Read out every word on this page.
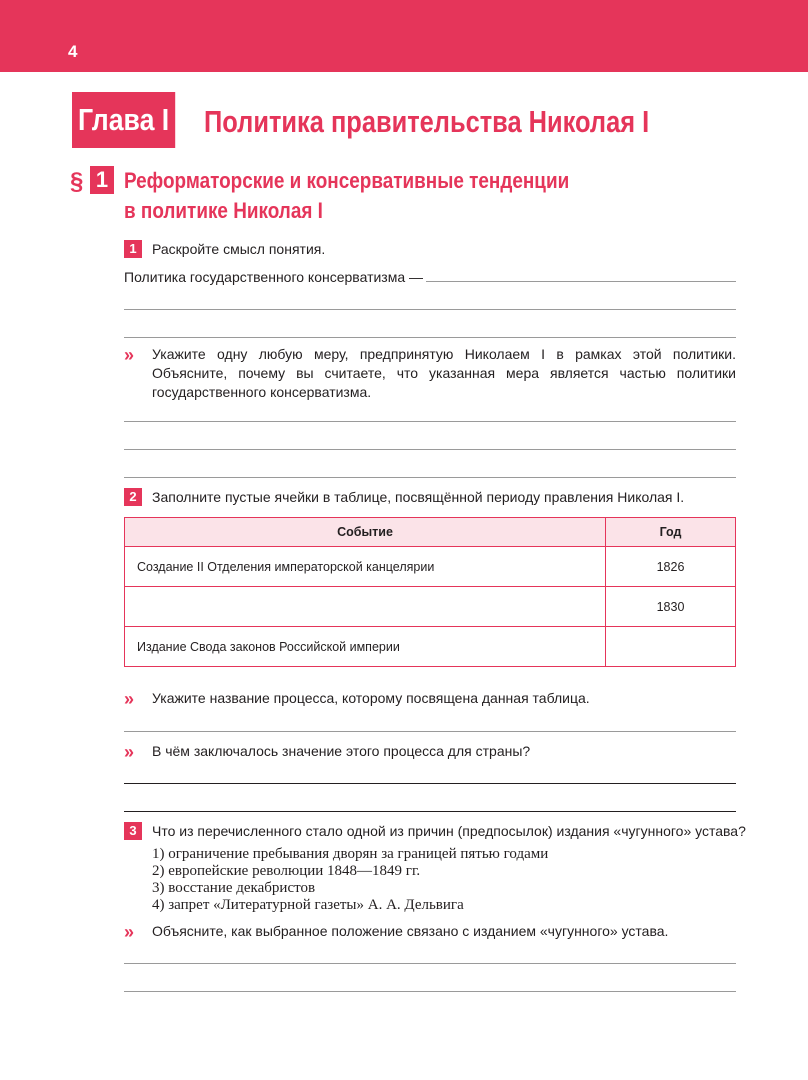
4
Глава I Политика правительства Николая I
§ 1 Реформаторские и консервативные тенденции
в политике Николая I
1	Раскройте смысл понятия.
Политика государственного консерватизма —
» Укажите одну любую меру, предпринятую Николаем I в рамках этой политики. Объясните, почему вы считаете, что указанная мера является частью политики государственного консерватизма.
2	Заполните пустые ячейки в таблице, посвящённой периоду правления Николая I.
Событие	Год
Создание II Отделения императорской канцелярии	1826
	1830
Издание Свода законов Российской империи	
» Укажите название процесса, которому посвящена данная таблица.
» В чём заключалось значение этого процесса для страны?
3	Что из перечисленного стало одной из причин (предпосылок) издания «чугунного» устава?
1) ограничение пребывания дворян за границей пятью годами
2) европейские революции 1848—1849 гг.
3) восстание декабристов
4) запрет «Литературной газеты» А. А. Дельвига
» Объясните, как выбранное положение связано с изданием «чугунного» устава.
